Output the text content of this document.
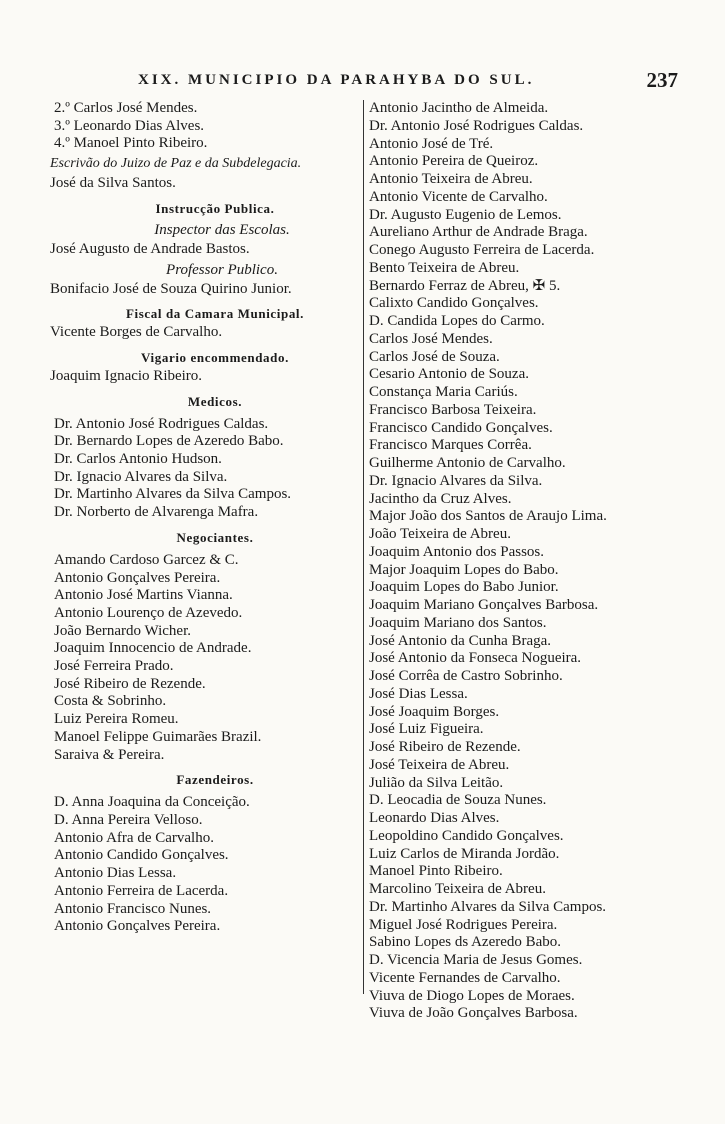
XIX. MUNICIPIO DA PARAHYBA DO SUL.	237
2.º Carlos José Mendes.
3.º Leonardo Dias Alves.
4.º Manoel Pinto Ribeiro.
Escrivão do Juizo de Paz e da Subdelegacia.
José da Silva Santos.
Instrucção Publica.
Inspector das Escolas.
José Augusto de Andrade Bastos.
Professor Publico.
Bonifacio José de Souza Quirino Junior.
Fiscal da Camara Municipal.
Vicente Borges de Carvalho.
Vigario encommendado.
Joaquim Ignacio Ribeiro.
Medicos.
Dr. Antonio José Rodrigues Caldas.
Dr. Bernardo Lopes de Azeredo Babo.
Dr. Carlos Antonio Hudson.
Dr. Ignacio Alvares da Silva.
Dr. Martinho Alvares da Silva Campos.
Dr. Norberto de Alvarenga Mafra.
Negociantes.
Amando Cardoso Garcez & C.
Antonio Gonçalves Pereira.
Antonio José Martins Vianna.
Antonio Lourenço de Azevedo.
João Bernardo Wicher.
Joaquim Innocencio de Andrade.
José Ferreira Prado.
José Ribeiro de Rezende.
Costa & Sobrinho.
Luiz Pereira Romeu.
Manoel Felippe Guimarães Brazil.
Saraiva & Pereira.
Fazendeiros.
D. Anna Joaquina da Conceição.
D. Anna Pereira Velloso.
Antonio Afra de Carvalho.
Antonio Candido Gonçalves.
Antonio Dias Lessa.
Antonio Ferreira de Lacerda.
Antonio Francisco Nunes.
Antonio Gonçalves Pereira.
Antonio Jacintho de Almeida.
Dr. Antonio José Rodrigues Caldas.
Antonio José de Tré.
Antonio Pereira de Queiroz.
Antonio Teixeira de Abreu.
Antonio Vicente de Carvalho.
Dr. Augusto Eugenio de Lemos.
Aureliano Arthur de Andrade Braga.
Conego Augusto Ferreira de Lacerda.
Bento Teixeira de Abreu.
Bernardo Ferraz de Abreu, ✠ 5.
Calixto Candido Gonçalves.
D. Candida Lopes do Carmo.
Carlos José Mendes.
Carlos José de Souza.
Cesario Antonio de Souza.
Constança Maria Cariús.
Francisco Barbosa Teixeira.
Francisco Candido Gonçalves.
Francisco Marques Corrêa.
Guilherme Antonio de Carvalho.
Dr. Ignacio Alvares da Silva.
Jacintho da Cruz Alves.
Major João dos Santos de Araujo Lima.
João Teixeira de Abreu.
Joaquim Antonio dos Passos.
Major Joaquim Lopes do Babo.
Joaquim Lopes do Babo Junior.
Joaquim Mariano Gonçalves Barbosa.
Joaquim Mariano dos Santos.
José Antonio da Cunha Braga.
José Antonio da Fonseca Nogueira.
José Corrêa de Castro Sobrinho.
José Dias Lessa.
José Joaquim Borges.
José Luiz Figueira.
José Ribeiro de Rezende.
José Teixeira de Abreu.
Julião da Silva Leitão.
D. Leocadia de Souza Nunes.
Leonardo Dias Alves.
Leopoldino Candido Gonçalves.
Luiz Carlos de Miranda Jordão.
Manoel Pinto Ribeiro.
Marcolino Teixeira de Abreu.
Dr. Martinho Alvares da Silva Campos.
Miguel José Rodrigues Pereira.
Sabino Lopes ds Azeredo Babo.
D. Vicencia Maria de Jesus Gomes.
Vicente Fernandes de Carvalho.
Viuva de Diogo Lopes de Moraes.
Viuva de João Gonçalves Barbosa.
